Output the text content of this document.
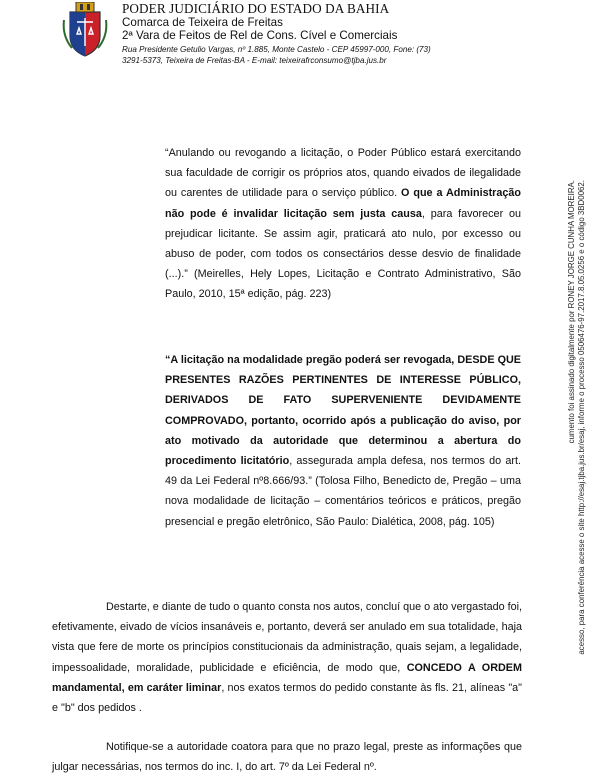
PODER JUDICIÁRIO DO ESTADO DA BAHIA
Comarca de Teixeira de Freitas
2ª Vara de Feitos de Rel de Cons. Cível e Comerciais
Rua Presidente Getulio Vargas, nº 1.885, Monte Castelo - CEP 45997-000, Fone: (73) 3291-5373, Teixeira de Freitas-BA - E-mail: teixeirafrconsumo@tjba.jus.br
“Anulando ou revogando a licitação, o Poder Público estará exercitando sua faculdade de corrigir os próprios atos, quando eivados de ilegalidade ou carentes de utilidade para o serviço público. O que a Administração não pode é invalidar licitação sem justa causa, para favorecer ou prejudicar licitante. Se assim agir, praticará ato nulo, por excesso ou abuso de poder, com todos os consectários desse desvio de finalidade (...).” (Meirelles, Hely Lopes, Licitação e Contrato Administrativo, São Paulo, 2010, 15ª edição, pág. 223)
“A licitação na modalidade pregão poderá ser revogada, DESDE QUE PRESENTES RAZÕES PERTINENTES DE INTERESSE PÚBLICO, DERIVADOS DE FATO SUPERVENIENTE DEVIDAMENTE COMPROVADO, portanto, ocorrido após a publicação do aviso, por ato motivado da autoridade que determinou a abertura do procedimento licitatório, assegurada ampla defesa, nos termos do art. 49 da Lei Federal nº8.666/93.” (Tolosa Filho, Benedicto de, Pregão – uma nova modalidade de licitação – comentários teóricos e práticos, pregão presencial e pregão eletrônico, São Paulo: Dialética, 2008, pág. 105)
Destarte, e diante de tudo o quanto consta nos autos, concluí que o ato vergastado foi, efetivamente, eivado de vícios insanáveis e, portanto, deverá ser anulado em sua totalidade, haja vista que fere de morte os princípios constitucionais da administração, quais sejam, a legalidade, impessoalidade, moralidade, publicidade e eficiência, de modo que, CONCEDO A ORDEM mandamental, em caráter liminar, nos exatos termos do pedido constante às fls. 21, alíneas "a" e "b" dos pedidos .
Notifique-se a autoridade coatora para que no prazo legal, preste as informações que julgar necessárias, nos termos do inc. I, do art. 7º da Lei Federal nº.
cumento foi assinado digitalmente por RONEY JORGE CUNHA MOREIRA. acesso, para conferência acesse o site http://esaj.tjba.jus.br/esaj, informe o processo 0506476-97.2017.8.05.0256 e o código 3BD0062.
